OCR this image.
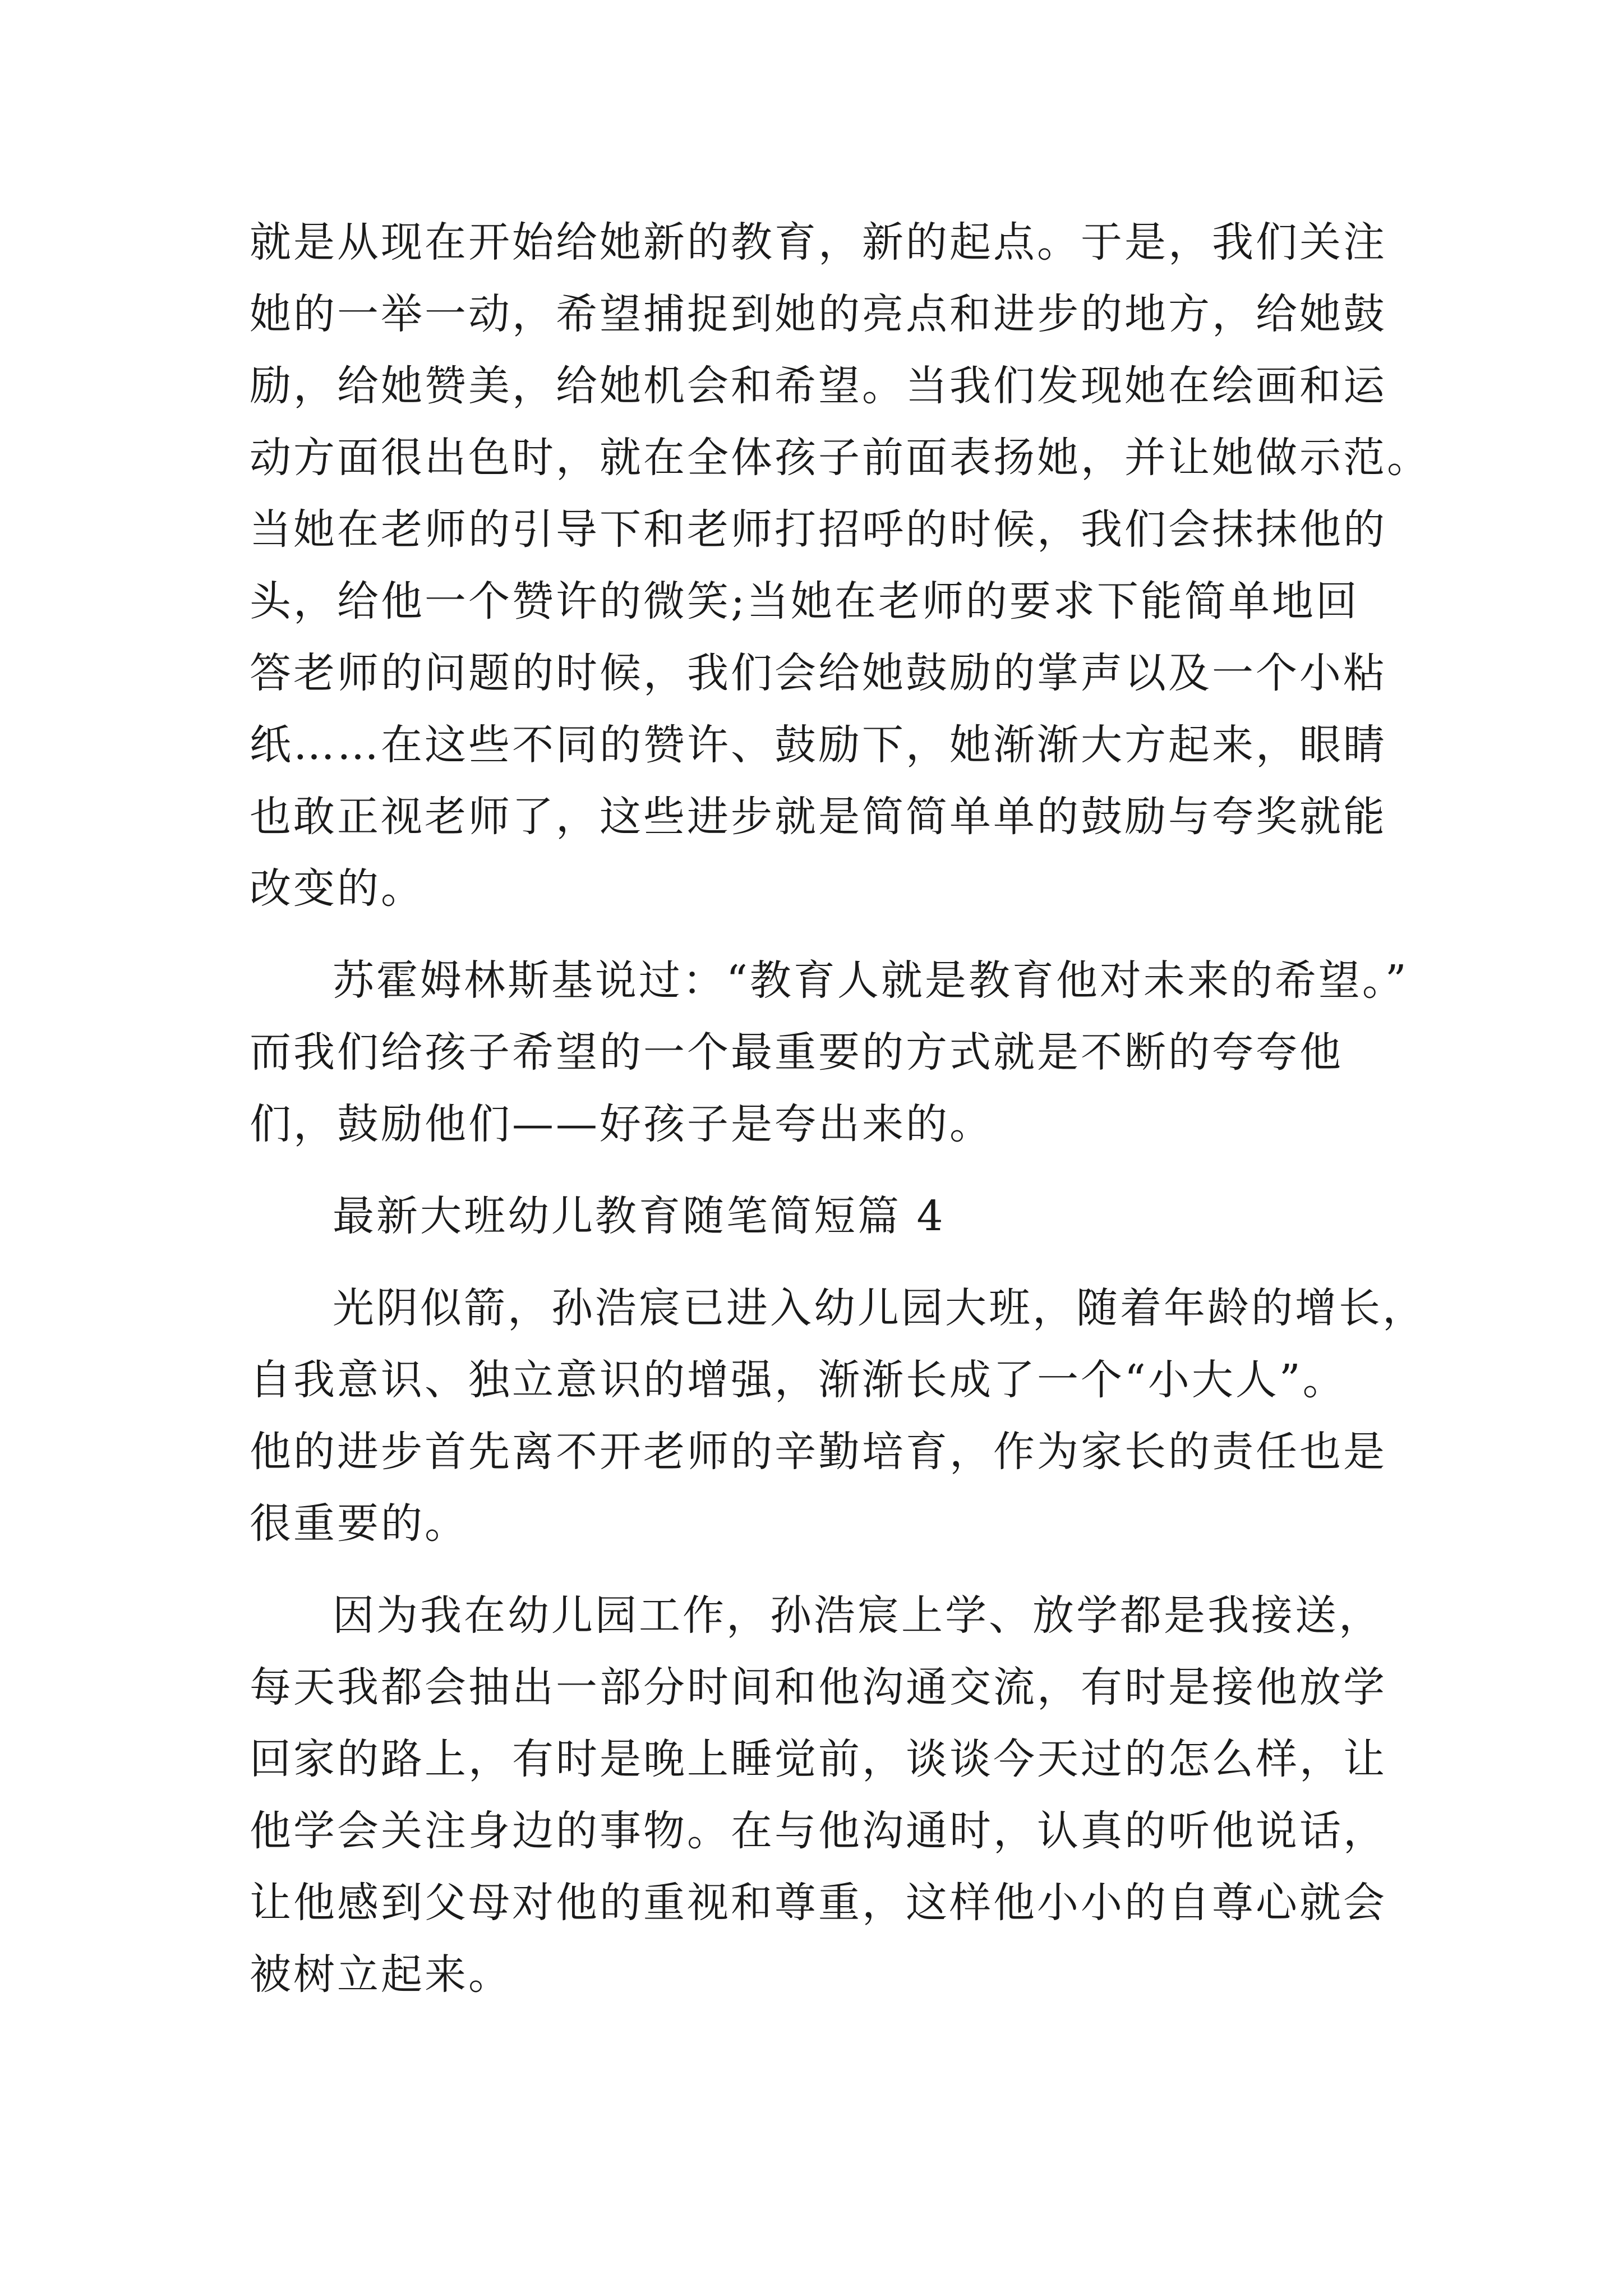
就是从现在开始给她新的教育，新的起点。于是，我们关注
她的一举一动，希望捕捉到她的亮点和进步的地方，给她鼓
励，给她赞美，给她机会和希望。当我们发现她在绘画和运
动方面很出色时，就在全体孩子前面表扬她，并让她做示范。
当她在老师的引导下和老师打招呼的时候，我们会抹抹他的
头，给他一个赞许的微笑;当她在老师的要求下能简单地回
答老师的问题的时候，我们会给她鼓励的掌声以及一个小粘
纸……在这些不同的赞许、鼓励下，她渐渐大方起来，眼睛
也敢正视老师了，这些进步就是简简单单的鼓励与夸奖就能
改变的。
苏霍姆林斯基说过：“教育人就是教育他对未来的希望。”
而我们给孩子希望的一个最重要的方式就是不断的夸夸他
们，鼓励他们——好孩子是夸出来的。
最新大班幼儿教育随笔简短篇 4
光阴似箭，孙浩宸已进入幼儿园大班，随着年龄的增长，
自我意识、独立意识的增强，渐渐长成了一个“小大人”。
他的进步首先离不开老师的辛勤培育，作为家长的责任也是
很重要的。
因为我在幼儿园工作，孙浩宸上学、放学都是我接送，
每天我都会抽出一部分时间和他沟通交流，有时是接他放学
回家的路上，有时是晚上睡觉前，谈谈今天过的怎么样，让
他学会关注身边的事物。在与他沟通时，认真的听他说话，
让他感到父母对他的重视和尊重，这样他小小的自尊心就会
被树立起来。
